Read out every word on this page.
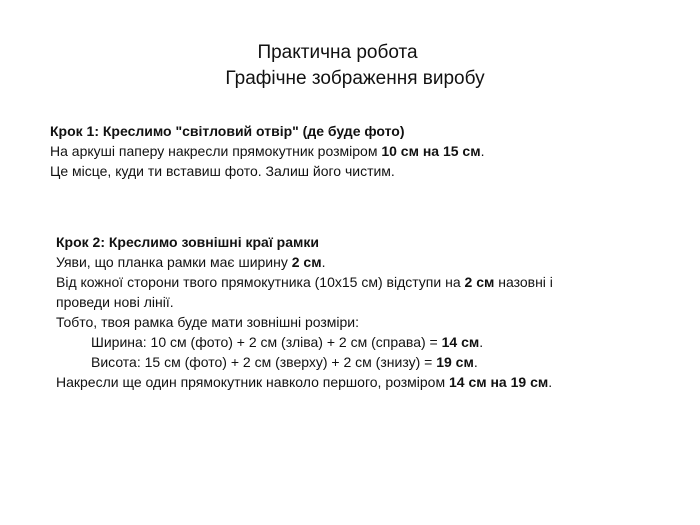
Практична робота
Графічне зображення виробу
Крок 1: Креслимо "світловий отвір" (де буде фото)
На аркуші паперу накресли прямокутник розміром 10 см на 15 см.
Це місце, куди ти вставиш фото. Залиш його чистим.
Крок 2: Креслимо зовнішні краї рамки
Уяви, що планка рамки має ширину 2 см.
Від кожної сторони твого прямокутника (10х15 см) відступи на 2 см назовні і проведи нові лінії.
Тобто, твоя рамка буде мати зовнішні розміри:
Ширина: 10 см (фото) + 2 см (зліва) + 2 см (справа) = 14 см.
Висота: 15 см (фото) + 2 см (зверху) + 2 см (знизу) = 19 см.
Накресли ще один прямокутник навколо першого, розміром 14 см на 19 см.
